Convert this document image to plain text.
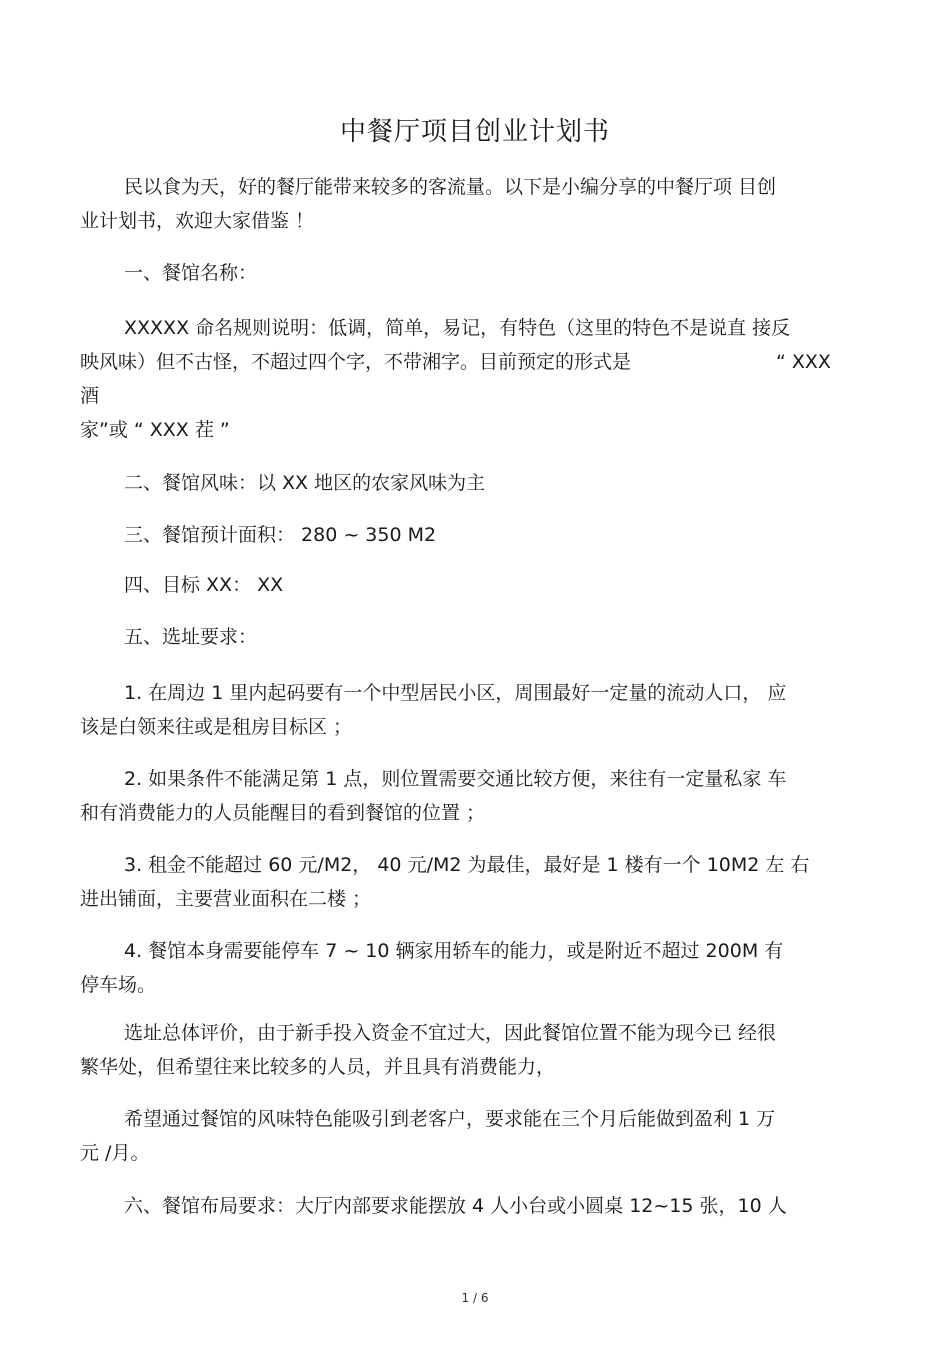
中餐厅项目创业计划书
民以食为天，好的餐厅能带来较多的客流量。以下是小编分享的中餐厅项 目创
业计划书，欢迎大家借鉴 ！
一、餐馆名称：
XXXXX 命名规则说明：低调，简单，易记，有特色（这里的特色不是说直 接反
映风味）但不古怪，不超过四个字，不带湘字。目前预定的形式是	“ XXX
酒
家”或 “ XXX 茬 ”
二、餐馆风味：以 XX 地区的农家风味为主
三、餐馆预计面积： 280 ~ 350 M2
四、目标 XX： XX
五、选址要求：
1. 在周边 1 里内起码要有一个中型居民小区，周围最好一定量的流动人口， 应
该是白领来往或是租房目标区 ；
2. 如果条件不能满足第 1 点，则位置需要交通比较方便，来往有一定量私家 车
和有消费能力的人员能醒目的看到餐馆的位置 ；
3. 租金不能超过 60 元/M2， 40 元/M2 为最佳，最好是 1 楼有一个 10M2 左 右
进出铺面，主要营业面积在二楼 ；
4. 餐馆本身需要能停车 7 ~ 10 辆家用轿车的能力，或是附近不超过 200M 有
停车场。
选址总体评价，由于新手投入资金不宜过大，因此餐馆位置不能为现今已 经很
繁华处，但希望往来比较多的人员，并且具有消费能力，
希望通过餐馆的风味特色能吸引到老客户，要求能在三个月后能做到盈利 1 万
元 /月。
六、餐馆布局要求：大厅内部要求能摆放 4 人小台或小圆桌 12~15 张，10 人
1 / 6
